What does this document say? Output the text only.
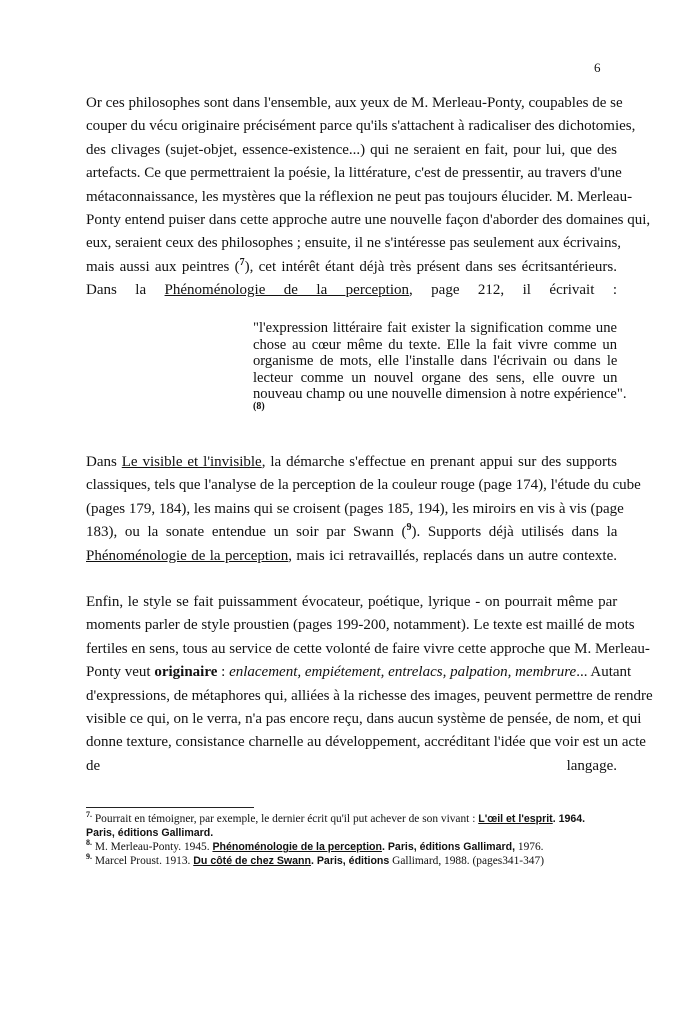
6
Or ces philosophes sont dans l'ensemble, aux yeux de M. Merleau-Ponty, coupables de se
couper du vécu originaire précisément parce qu'ils s'attachent à radicaliser des dichotomies,
des clivages (sujet-objet, essence-existence...) qui ne seraient en fait, pour lui, que des
artefacts. Ce que permettraient la poésie, la littérature, c'est de pressentir, au travers d'une
métaconnaissance, les mystères que la réflexion ne peut pas toujours élucider. M. Merleau-
Ponty entend puiser dans cette approche autre une nouvelle façon d'aborder des domaines qui,
eux, seraient ceux des philosophes ; ensuite, il ne s'intéresse pas seulement aux écrivains,
mais aussi aux peintres ($^7$), cet intérêt étant déjà très présent dans ses écritsantérieurs.
Dans la Phénoménologie de la perception, page 212, il écrivait :
"l'expression littéraire fait exister la signification comme une
chose au cœur même du texte. Elle la fait vivre comme un
organisme de mots, elle l'installe dans l'écrivain ou dans le
lecteur comme un nouvel organe des sens, elle ouvre un
nouveau champ ou une nouvelle dimension à notre expérience".
$^{(8)}$
Dans Le visible et l'invisible, la démarche s'effectue en prenant appui sur des supports
classiques, tels que l'analyse de la perception de la couleur rouge (page 174), l'étude du cube
(pages 179, 184), les mains qui se croisent (pages 185, 194), les miroirs en vis à vis (page
183), ou la sonate entendue un soir par Swann ($^9$). Supports déjà utilisés dans la
Phénoménologie de la perception, mais ici retravaillés, replacés dans un autre contexte.
Enfin, le style se fait puissamment évocateur, poétique, lyrique - on pourrait même par
moments parler de style proustien (pages 199-200, notamment). Le texte est maillé de mots
fertiles en sens, tous au service de cette volonté de faire vivre cette approche que M. Merleau-
Ponty veut originaire : enlacement, empiétement, entrelacs, palpation, membrure... Autant
d'expressions, de métaphores qui, alliées à la richesse des images, peuvent permettre de rendre
visible ce qui, on le verra, n'a pas encore reçu, dans aucun système de pensée, de nom, et qui
donne texture, consistance charnelle au développement, accréditant l'idée que voir est un acte
de langage.
$^{7.}$ Pourrait en témoigner, par exemple, le dernier écrit qu'il put achever de son vivant : L'œil et l'esprit. 1964.
Paris, éditions Gallimard.
$^{8.}$ M. Merleau-Ponty. 1945. Phénoménologie de la perception. Paris, éditions Gallimard, 1976.
$^{9.}$ Marcel Proust. 1913. Du côté de chez Swann. Paris, éditions Gallimard, 1988. (pages341-347)
